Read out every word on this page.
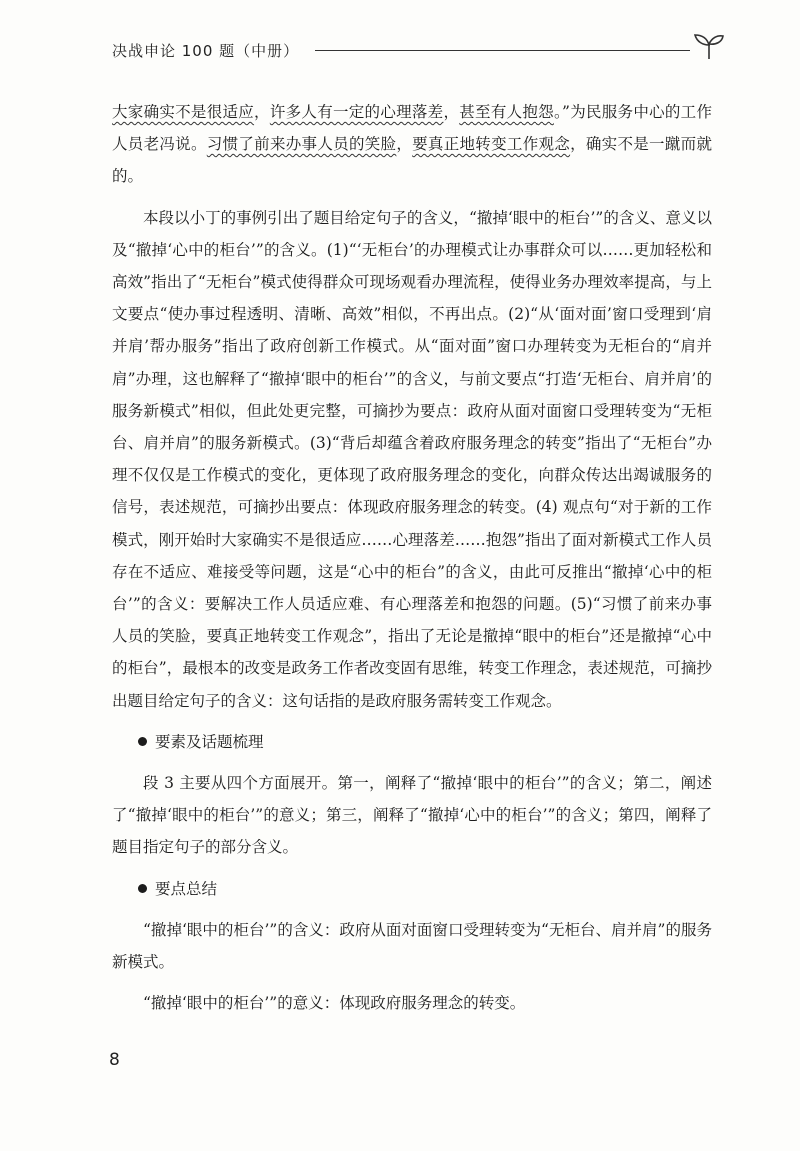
决战申论 100 题（中册）

大家确实不是很适应，许多人有一定的心理落差，甚至有人抱怨。”为民服务中心的工作人员老冯说。习惯了前来办事人员的笑脸，要真正地转变工作观念，确实不是一蹴而就的。

本段以小丁的事例引出了题目给定句子的含义，“撤掉‘眼中的柜台’”的含义、意义以及“撤掉‘心中的柜台’”的含义。(1)“‘无柜台’的办理模式让办事群众可以……更加轻松和高效”指出了“无柜台”模式使得群众可现场观看办理流程，使得业务办理效率提高，与上文要点“使办事过程透明、清晰、高效”相似，不再出点。(2)“从‘面对面’窗口受理到‘肩并肩’帮办服务”指出了政府创新工作模式。从“面对面”窗口办理转变为无柜台的“肩并肩”办理，这也解释了“撤掉‘眼中的柜台’”的含义，与前文要点“打造‘无柜台、肩并肩’的服务新模式”相似，但此处更完整，可摘抄为要点：政府从面对面窗口受理转变为“无柜台、肩并肩”的服务新模式。(3)“背后却蕴含着政府服务理念的转变”指出了“无柜台”办理不仅仅是工作模式的变化，更体现了政府服务理念的变化，向群众传达出竭诚服务的信号，表述规范，可摘抄出要点：体现政府服务理念的转变。(4) 观点句“对于新的工作模式，刚开始时大家确实不是很适应……心理落差……抱怨”指出了面对新模式工作人员存在不适应、难接受等问题，这是“心中的柜台”的含义，由此可反推出“撤掉‘心中的柜台’”的含义：要解决工作人员适应难、有心理落差和抱怨的问题。(5)“习惯了前来办事人员的笑脸，要真正地转变工作观念”，指出了无论是撤掉“眼中的柜台”还是撤掉“心中的柜台”，最根本的改变是政务工作者改变固有思维，转变工作理念，表述规范，可摘抄出题目给定句子的含义：这句话指的是政府服务需转变工作观念。

要素及话题梳理

段 3 主要从四个方面展开。第一，阐释了“撤掉‘眼中的柜台’”的含义；第二，阐述了“撤掉‘眼中的柜台’”的意义；第三，阐释了“撤掉‘心中的柜台’”的含义；第四，阐释了题目指定句子的部分含义。

要点总结

“撤掉‘眼中的柜台’”的含义：政府从面对面窗口受理转变为“无柜台、肩并肩”的服务新模式。

“撤掉‘眼中的柜台’”的意义：体现政府服务理念的转变。

8
